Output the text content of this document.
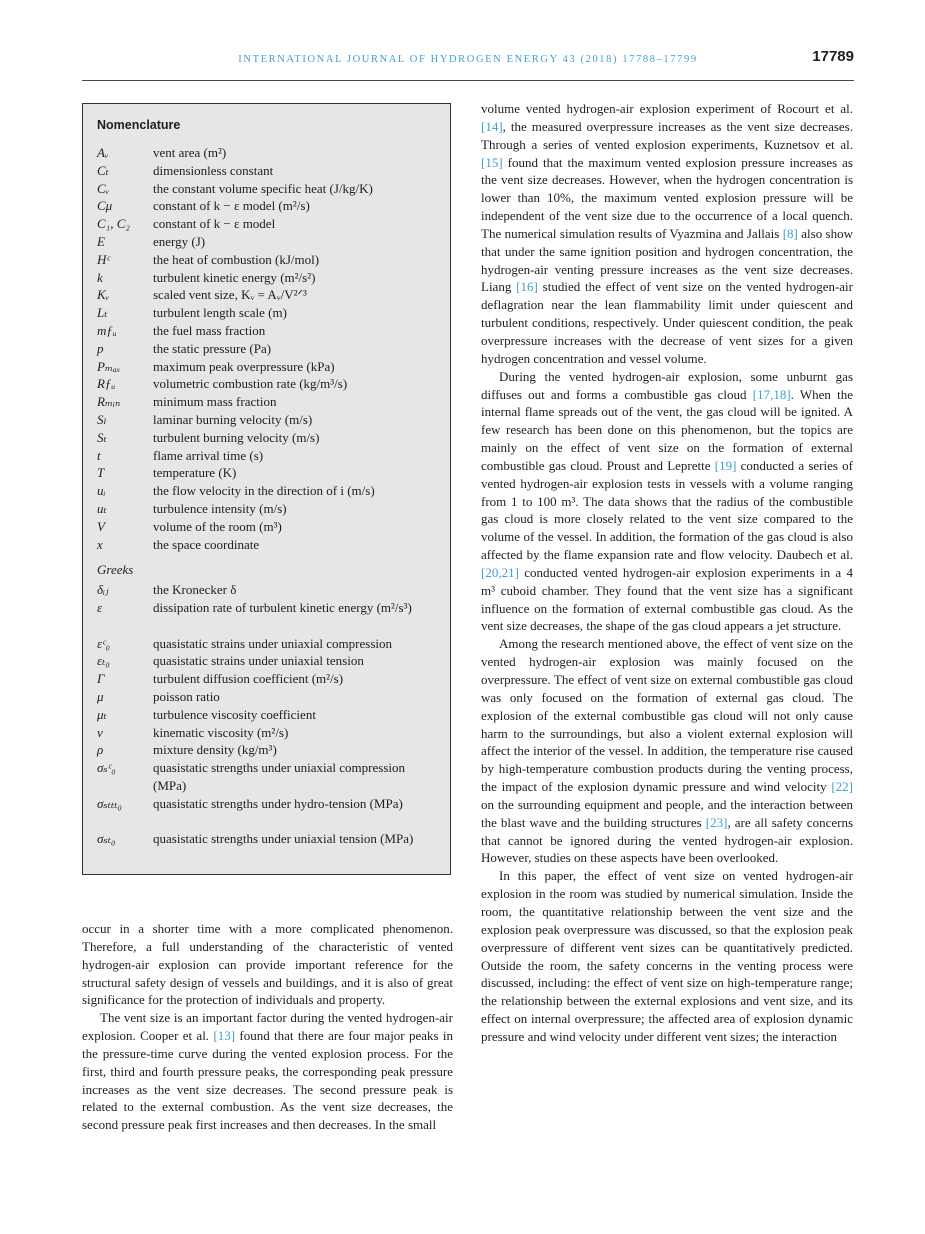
INTERNATIONAL JOURNAL OF HYDROGEN ENERGY 43 (2018) 17788–17799	17789
Nomenclature
Aᵥ	vent area (m²)
Cₜ	dimensionless constant
Cᵥ	the constant volume specific heat (J/kg/K)
Cμ	constant of k − ε model (m²/s)
C₁, C₂ constant of k − ε model
E	energy (J)
Hᶜ	the heat of combustion (kJ/mol)
k	turbulent kinetic energy (m²/s²)
Kᵥ	scaled vent size, Kᵥ = Aᵥ/V²ᐟ³
Lₜ	turbulent length scale (m)
mƒᵤ	the fuel mass fraction
p	the static pressure (Pa)
Pₘₐₓ	maximum peak overpressure (kPa)
Rƒᵤ	volumetric combustion rate (kg/m³/s)
Rₘᵢₙ	minimum mass fraction
Sₗ	laminar burning velocity (m/s)
Sₜ	turbulent burning velocity (m/s)
t	flame arrival time (s)
T	temperature (K)
uᵢ	the flow velocity in the direction of i (m/s)
uₜ	turbulence intensity (m/s)
V	volume of the room (m³)
x	the space coordinate
Greeks
δᵢⱼ	the Kronecker δ
ε	dissipation rate of turbulent kinetic energy (m²/s³)
εᶜ₀	quasistatic strains under uniaxial compression
εₜ₀	quasistatic strains under uniaxial tension
Γ	turbulent diffusion coefficient (m²/s)
μ	poisson ratio
μₜ	turbulence viscosity coefficient
ν	kinematic viscosity (m²/s)
ρ	mixture density (kg/m³)
σₛᶜ₀	quasistatic strengths under uniaxial compression (MPa)
σₛₜₜₜ₀ quasistatic strengths under hydro-tension (MPa)
σₛₜ₀	quasistatic strengths under uniaxial tension (MPa)

occur in a shorter time with a more complicated phenomenon. Therefore, a full understanding of the characteristic of vented hydrogen-air explosion can provide important reference for the structural safety design of vessels and buildings, and it is also of great significance for the protection of individuals and property.

The vent size is an important factor during the vented hydrogen-air explosion. Cooper et al. [13] found that there are four major peaks in the pressure-time curve during the vented explosion process. For the first, third and fourth pressure peaks, the corresponding peak pressure increases as the vent size decreases. The second pressure peak is related to the external combustion. As the vent size decreases, the second pressure peak first increases and then decreases. In the small

volume vented hydrogen-air explosion experiment of Rocourt et al. [14], the measured overpressure increases as the vent size decreases. Through a series of vented explosion experiments, Kuznetsov et al. [15] found that the maximum vented explosion pressure increases as the vent size decreases. However, when the hydrogen concentration is lower than 10%, the maximum vented explosion pressure will be independent of the vent size due to the occurrence of a local quench. The numerical simulation results of Vyazmina and Jallais [8] also show that under the same ignition position and hydrogen concentration, the hydrogen-air venting pressure increases as the vent size decreases. Liang [16] studied the effect of vent size on the vented hydrogen-air deflagration near the lean flammability limit under quiescent and turbulent conditions, respectively. Under quiescent condition, the peak overpressure increases with the decrease of vent sizes for a given hydrogen concentration and vessel volume.

During the vented hydrogen-air explosion, some unburnt gas diffuses out and forms a combustible gas cloud [17,18]. When the internal flame spreads out of the vent, the gas cloud will be ignited. A few research has been done on this phenomenon, but the topics are mainly on the effect of vent size on the formation of external combustible gas cloud. Proust and Leprette [19] conducted a series of vented hydrogen-air explosion tests in vessels with a volume ranging from 1 to 100 m³. The data shows that the radius of the combustible gas cloud is more closely related to the vent size compared to the volume of the vessel. In addition, the formation of the gas cloud is also affected by the flame expansion rate and flow velocity. Daubech et al. [20,21] conducted vented hydrogen-air explosion experiments in a 4 m³ cuboid chamber. They found that the vent size has a significant influence on the formation of external combustible gas cloud. As the vent size decreases, the shape of the gas cloud appears a jet structure.

Among the research mentioned above, the effect of vent size on the vented hydrogen-air explosion was mainly focused on the overpressure. The effect of vent size on external combustible gas cloud was only focused on the formation of external gas cloud. The explosion of the external combustible gas cloud will not only cause harm to the surroundings, but also a violent external explosion will affect the interior of the vessel. In addition, the temperature rise caused by high-temperature combustion products during the venting process, the impact of the explosion dynamic pressure and wind velocity [22] on the surrounding equipment and people, and the interaction between the blast wave and the building structures [23], are all safety concerns that cannot be ignored during the vented hydrogen-air explosion. However, studies on these aspects have been overlooked.

In this paper, the effect of vent size on vented hydrogen-air explosion in the room was studied by numerical simulation. Inside the room, the quantitative relationship between the vent size and the explosion peak overpressure was discussed, so that the explosion peak overpressure of different vent sizes can be quantitatively predicted. Outside the room, the safety concerns in the venting process were discussed, including: the effect of vent size on high-temperature range; the relationship between the external explosions and vent size, and its effect on internal overpressure; the affected area of explosion dynamic pressure and wind velocity under different vent sizes; the interaction
